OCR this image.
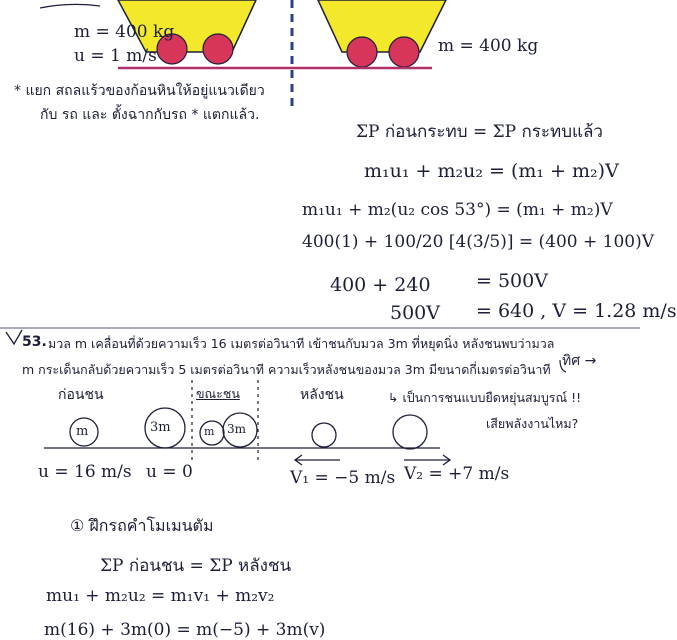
m = 400 kg
u = 1 m/s	m = 400 kg
* แยก สถลแร้วของก้อนหินให้อยู่แนวเดียว
กับ รถ และ ตั้งฉากกับรถ * แตกแล้ว.
ΣP ก่อนกระทบ = ΣP กระทบแล้ว
m₁u₁ + m₂u₂ = (m₁ + m₂)V
m₁u₁ + m₂(u₂ cos 53°) = (m₁ + m₂)V
400(1) + 100/20 [4(3/5)] = (400 + 100)V
400 + 240 = 500V
500V = 640 , V = 1.28 m/s
53. มวล m เคลื่อนที่ด้วยความเร็ว 16 เมตรต่อวินาที เข้าชนกับมวล 3m ที่หยุดนิ่ง หลังชนพบว่ามวล
m กระเด็นกลับด้วยความเร็ว 5 เมตรต่อวินาที ความเร็วหลังชนของมวล 3m มีขนาดกี่เมตรต่อวินาที
ทิศ →
↳ เป็นการชนแบบยืดหยุ่นสมบูรณ์ !!
เสียพลังงานไหม?
ก่อนชน	ขณะชน	หลังชน
m	3m	m 3m
u = 16 m/s u = 0	V₁ = −5 m/s V₂ = +7 m/s
① ฝึกรถคำโมเมนตัม
ΣP ก่อนชน = ΣP หลังชน
mu₁ + m₂u₂ = m₁v₁ + m₂v₂
m(16) + 3m(0) = m(−5) + 3m(v)
